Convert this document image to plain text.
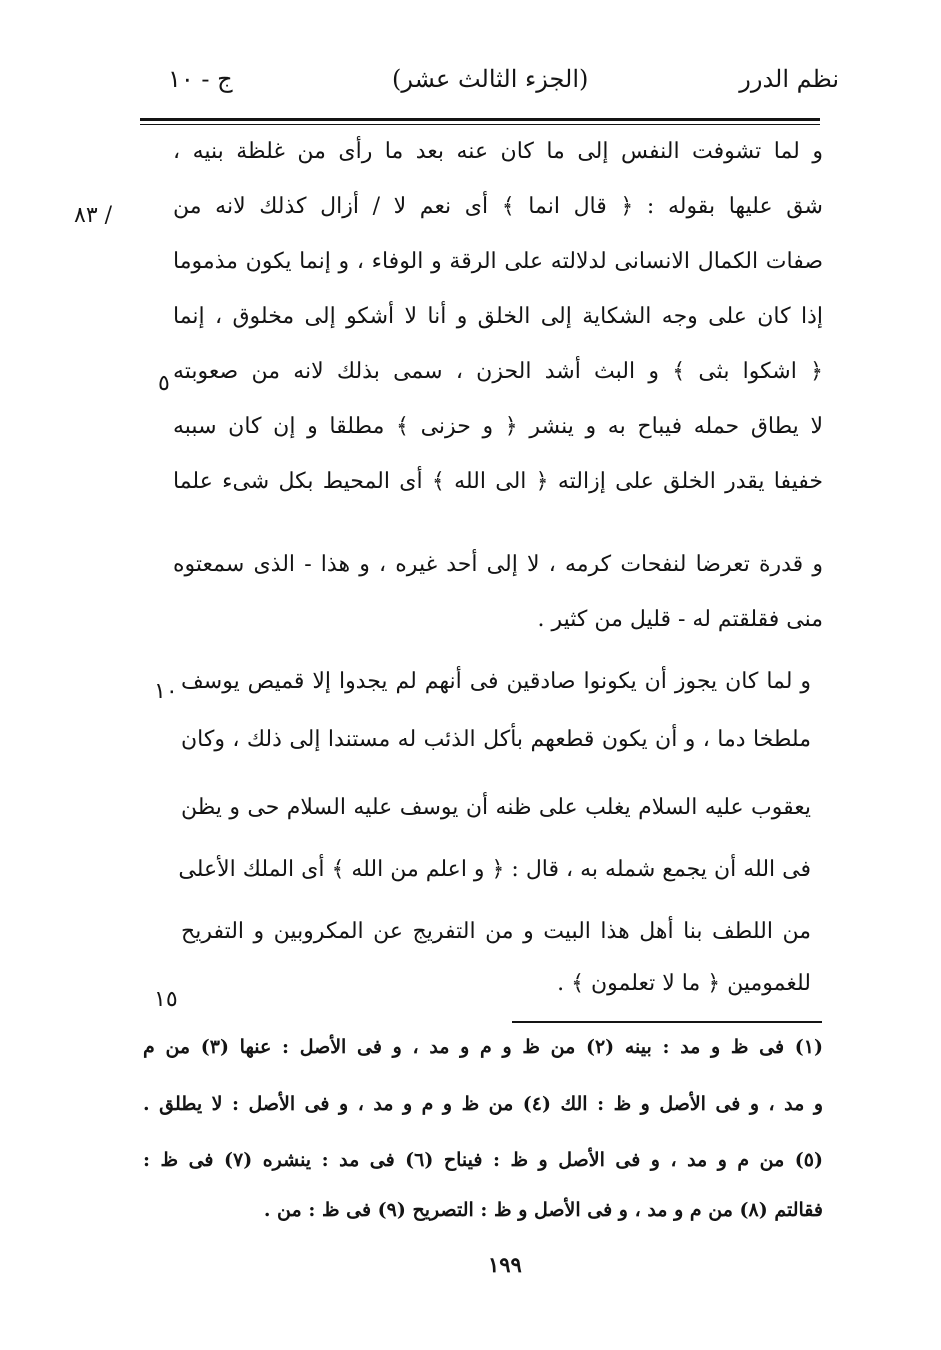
نظم الدرر
(الجزء الثالث عشر)
ج - ١٠
و لما تشوفت النفس إلى ما كان عنه بعد ما رأى من غلظة بنيه ،
شق عليها بقوله : ﴿ قال انما ﴾ أى نعم لا / أزال كذلك لانه من
صفات الكمال الانسانى لدلالته على الرقة و الوفاء ، و إنما يكون مذموما
إذا كان على وجه الشكاية إلى الخلق و أنا لا أشكو إلى مخلوق ، إنما
﴿ اشكوا بثى ﴾ و البث أشد الحزن ، سمى بذلك لانه من صعوبته
لا يطاق حمله فيباح به و ينشر ﴿ و حزنى ﴾ مطلقا و إن كان سببه
خفيفا يقدر الخلق على إزالته ﴿ الى الله ﴾ أى المحيط بكل شىء علما
و قدرة تعرضا لنفحات كرمه ، لا إلى أحد غيره ، و هذا - الذى سمعتوه
منى فقلقتم له - قليل من كثير .
و لما كان يجوز أن يكونوا صادقين فى أنهم لم يجدوا إلا قميص يوسف
ملطخا دما ، و أن يكون قطعهم بأكل الذئب له مستندا إلى ذلك ، وكان
يعقوب عليه السلام يغلب على ظنه أن يوسف عليه السلام حى و يظن
فى الله أن يجمع شمله به ، قال : ﴿ و اعلم من الله ﴾ أى الملك الأعلى
من اللطف بنا أهل هذا البيت و من التفريج عن المكروبين و التفريح
للغمومين ﴿ ما لا تعلمون ﴾ .
/ ٨٣
٥
١٠
١٥
(١) فى ظ و مد : بينه (٢) من ظ و م و مد ، و فى الأصل : عنها (٣) من م
و مد ، و فى الأصل و ظ : الك (٤) من ظ و م و مد ، و فى الأصل : لا يطلق .
(٥) من م و مد ، و فى الأصل و ظ : فيناح (٦) فى مد : ينشره (٧) فى ظ :
فقالتم (٨) من م و مد ، و فى الأصل و ظ : التصريح (٩) فى ظ : من .
١٩٩
